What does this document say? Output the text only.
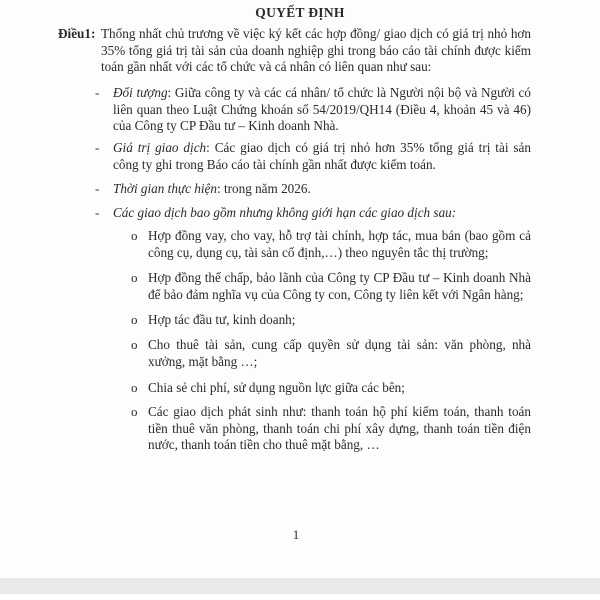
QUYẾT ĐỊNH
Điều1: Thống nhất chủ trương về việc ký kết các hợp đồng/ giao dịch có giá trị nhỏ hơn 35% tổng giá trị tài sản của doanh nghiệp ghi trong báo cáo tài chính được kiểm toán gần nhất với các tổ chức và cá nhân có liên quan như sau:
- Đối tượng: Giữa công ty và các cá nhân/ tổ chức là Người nội bộ và Người có liên quan theo Luật Chứng khoán số 54/2019/QH14 (Điều 4, khoản 45 và 46) của Công ty CP Đầu tư – Kinh doanh Nhà.
- Giá trị giao dịch: Các giao dịch có giá trị nhỏ hơn 35% tổng giá trị tài sản công ty ghi trong Báo cáo tài chính gần nhất được kiểm toán.
- Thời gian thực hiện: trong năm 2026.
- Các giao dịch bao gồm nhưng không giới hạn các giao dịch sau:
o Hợp đồng vay, cho vay, hỗ trợ tài chính, hợp tác, mua bán (bao gồm cả công cụ, dụng cụ, tài sản cố định,…) theo nguyên tắc thị trường;
o Hợp đồng thế chấp, bảo lãnh của Công ty CP Đầu tư – Kinh doanh Nhà để bảo đảm nghĩa vụ của Công ty con, Công ty liên kết với Ngân hàng;
o Hợp tác đầu tư, kinh doanh;
o Cho thuê tài sản, cung cấp quyền sử dụng tài sản: văn phòng, nhà xưởng, mặt bằng …;
o Chia sẻ chi phí, sử dụng nguồn lực giữa các bên;
o Các giao dịch phát sinh như: thanh toán hộ phí kiểm toán, thanh toán tiền thuê văn phòng, thanh toán chi phí xây dựng, thanh toán tiền điện nước, thanh toán tiền cho thuê mặt bằng, …
1
